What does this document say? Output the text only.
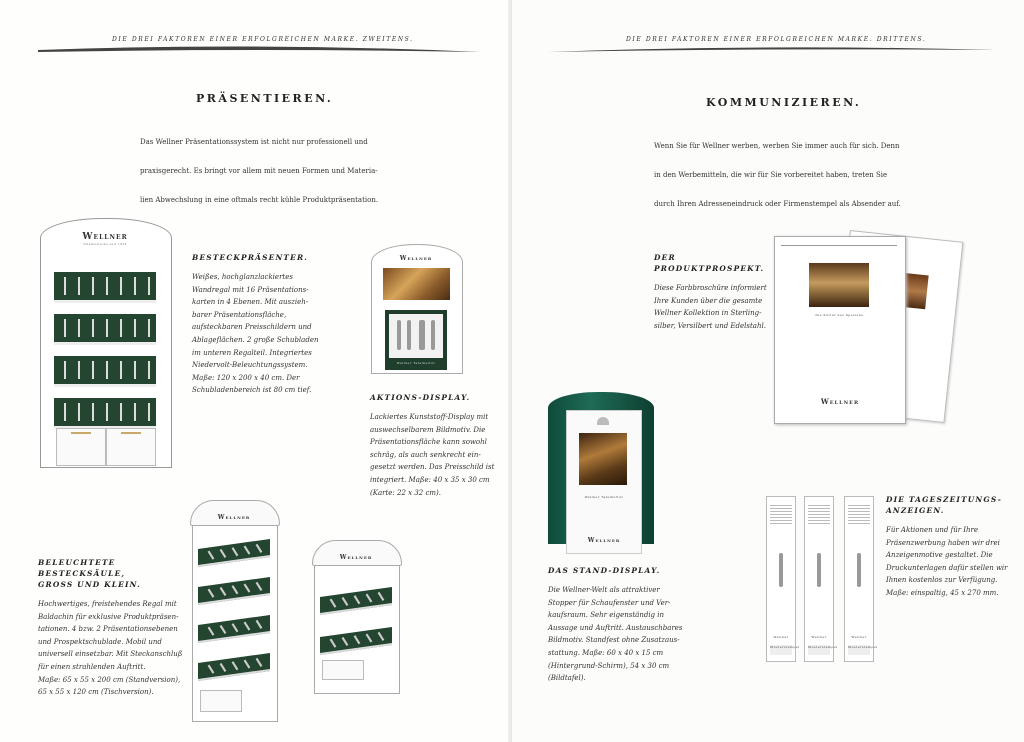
DIE DREI FAKTOREN EINER ERFOLGREICHEN MARKE. ZWEITENS.
PRÄSENTIEREN.
Das Wellner Präsentationssystem ist nicht nur professionell und
praxisgerecht. Es bringt vor allem mit neuen Formen und Materia-
lien Abwechslung in eine oftmals recht kühle Produktpräsentation.
Wellner
Tafelbestecke seit 1854

BESTECKPRÄSENTER.

Weißes, hochglanzlackiertes
Wandregal mit 16 Präsentations-
karten in 4 Ebenen. Mit auszieh-
barer Präsentationsfläche,
aufsteckbaren Preisschildern und
Ablageflächen. 2 große Schubladen
im unteren Regalteil. Integriertes
Niedervolt-Beleuchtungssystem.
Maße: 120 x 200 x 40 cm. Der
Schubladenbereich ist 80 cm tief.

Wellner
Wellner Tafelkultur

AKTIONS-DISPLAY.

Lackiertes Kunststoff-Display mit
auswechselbarem Bildmotiv. Die
Präsentationsfläche kann sowohl
schräg, als auch senkrecht ein-
gesetzt werden. Das Preisschild ist
integriert. Maße: 40 x 35 x 30 cm
(Karte: 22 x 32 cm).

Wellner
Wellner

BELEUCHTETE BESTECKSÄULE,
GROSS UND KLEIN.

Hochwertiges, freistehendes Regal mit
Baldachin für exklusive Produktpräsen-
tationen. 4 bzw. 2 Präsentationsebenen
und Prospektschublade. Mobil und
universell einsetzbar. Mit Steckanschluß
für einen strahlenden Auftritt.
Maße: 65 x 55 x 200 cm (Standversion),
65 x 55 x 120 cm (Tischversion).

DIE DREI FAKTOREN EINER ERFOLGREICHEN MARKE. DRITTENS.
KOMMUNIZIEREN.
Wenn Sie für Wellner werben, werben Sie immer auch für sich. Denn
in den Werbemitteln, die wir für Sie vorbereitet haben, treten Sie
durch Ihren Adresseneindruck oder Firmenstempel als Absender auf.

DER PRODUKTPROSPEKT.

Diese Farbbroschüre informiert
Ihre Kunden über die gesamte
Wellner Kollektion in Sterling-
silber, Versilbert und Edelstahl.

Die Kultur des Speisens.
Wellner
Wellner Tafelkultur
Wellner

DAS STAND-DISPLAY.

Die Wellner-Welt als attraktiver
Stopper für Schaufenster und Ver-
kaufsraum. Sehr eigenständig in
Aussage und Auftritt. Austauschbares
Bildmotiv. Standfest ohne Zusatzaus-
stattung. Maße: 60 x 40 x 15 cm
(Hintergrund-Schirm), 54 x 30 cm
(Bildtafel).

Wellner
Musterstempel
Wellner
Musterstempel
Wellner
Musterstempel

DIE TAGESZEITUNGS-
ANZEIGEN.

Für Aktionen und für Ihre
Präsenzwerbung haben wir drei
Anzeigenmotive gestaltet. Die
Druckunterlagen dafür stellen wir
Ihnen kostenlos zur Verfügung.
Maße: einspaltig, 45 x 270 mm.
